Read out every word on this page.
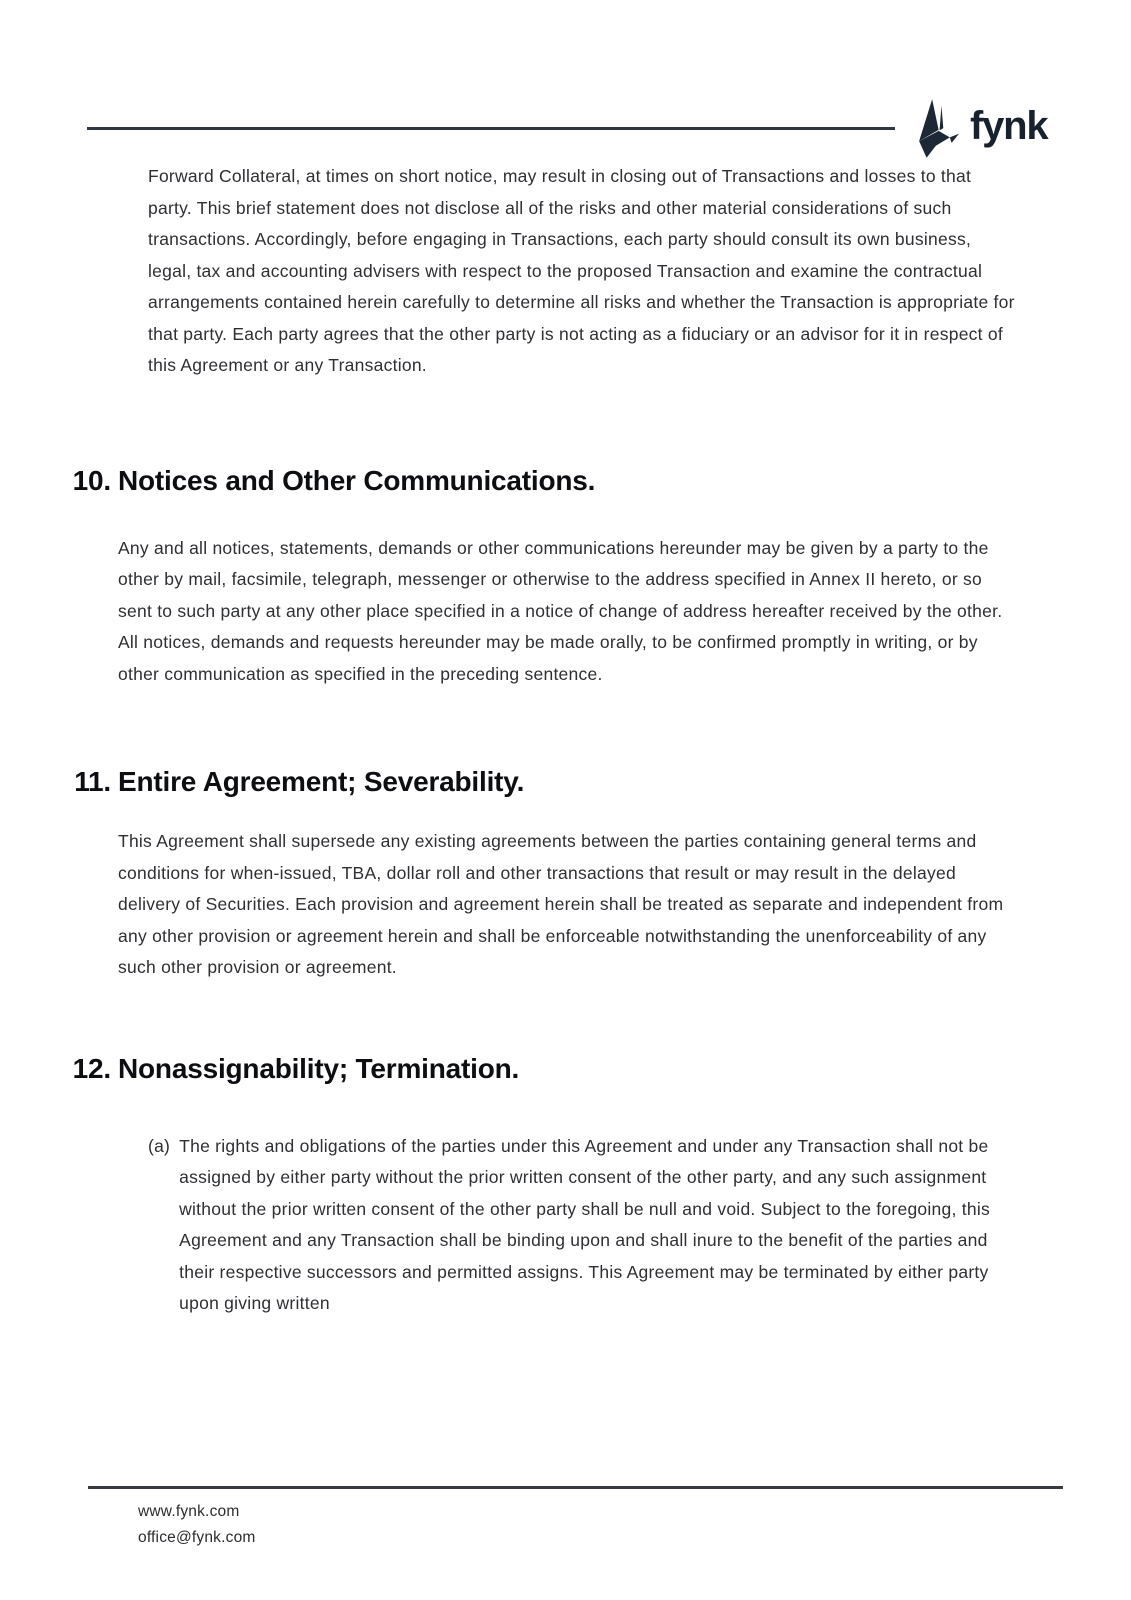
fynk

Forward Collateral, at times on short notice, may result in closing out of Transactions and losses to that party. This brief statement does not disclose all of the risks and other material considerations of such transactions. Accordingly, before engaging in Transactions, each party should consult its own business, legal, tax and accounting advisers with respect to the proposed Transaction and examine the contractual arrangements contained herein carefully to determine all risks and whether the Transaction is appropriate for that party. Each party agrees that the other party is not acting as a fiduciary or an advisor for it in respect of this Agreement or any Transaction.

10. Notices and Other Communications.

Any and all notices, statements, demands or other communications hereunder may be given by a party to the other by mail, facsimile, telegraph, messenger or otherwise to the address specified in Annex II hereto, or so sent to such party at any other place specified in a notice of change of address hereafter received by the other. All notices, demands and requests hereunder may be made orally, to be confirmed promptly in writing, or by other communication as specified in the preceding sentence.

11. Entire Agreement; Severability.

This Agreement shall supersede any existing agreements between the parties containing general terms and conditions for when-issued, TBA, dollar roll and other transactions that result or may result in the delayed delivery of Securities. Each provision and agreement herein shall be treated as separate and independent from any other provision or agreement herein and shall be enforceable notwithstanding the unenforceability of any such other provision or agreement.

12. Nonassignability; Termination.
(a) The rights and obligations of the parties under this Agreement and under any Transaction shall not be assigned by either party without the prior written consent of the other party, and any such assignment without the prior written consent of the other party shall be null and void. Subject to the foregoing, this Agreement and any Transaction shall be binding upon and shall inure to the benefit of the parties and their respective successors and permitted assigns. This Agreement may be terminated by either party upon giving written

www.fynk.com
office@fynk.com
